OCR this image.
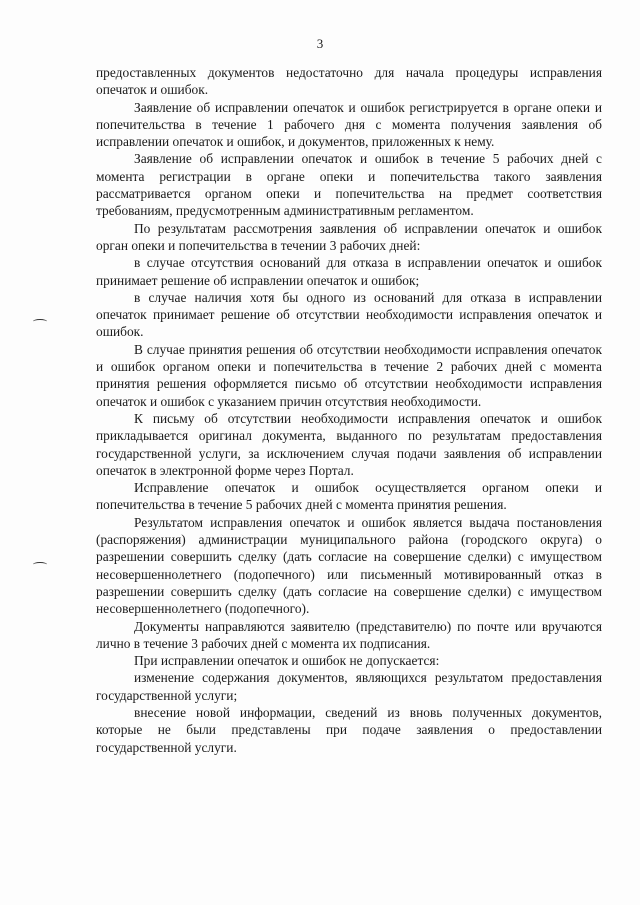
3

предоставленных документов недостаточно для начала процедуры исправления опечаток и ошибок.

Заявление об исправлении опечаток и ошибок регистрируется в органе опеки и попечительства в течение 1 рабочего дня с момента получения заявления об исправлении опечаток и ошибок, и документов, приложенных к нему.

Заявление об исправлении опечаток и ошибок в течение 5 рабочих дней с момента регистрации в органе опеки и попечительства такого заявления рассматривается органом опеки и попечительства на предмет соответствия требованиям, предусмотренным административным регламентом.

По результатам рассмотрения заявления об исправлении опечаток и ошибок орган опеки и попечительства в течении 3 рабочих дней:

в случае отсутствия оснований для отказа в исправлении опечаток и ошибок принимает решение об исправлении опечаток и ошибок;

в случае наличия хотя бы одного из оснований для отказа в исправлении опечаток принимает решение об отсутствии необходимости исправления опечаток и ошибок.

В случае принятия решения об отсутствии необходимости исправления опечаток и ошибок органом опеки и попечительства в течение 2 рабочих дней с момента принятия решения оформляется письмо об отсутствии необходимости исправления опечаток и ошибок с указанием причин отсутствия необходимости.

К письму об отсутствии необходимости исправления опечаток и ошибок прикладывается оригинал документа, выданного по результатам предоставления государственной услуги, за исключением случая подачи заявления об исправлении опечаток в электронной форме через Портал.

Исправление опечаток и ошибок осуществляется органом опеки и попечительства в течение 5 рабочих дней с момента принятия решения.

Результатом исправления опечаток и ошибок является выдача постановления (распоряжения) администрации муниципального района (городского округа) о разрешении совершить сделку (дать согласие на совершение сделки) с имуществом несовершеннолетнего (подопечного) или письменный мотивированный отказ в разрешении совершить сделку (дать согласие на совершение сделки) с имуществом несовершеннолетнего (подопечного).

Документы направляются заявителю (представителю) по почте или вручаются лично в течение 3 рабочих дней с момента их подписания.

При исправлении опечаток и ошибок не допускается:

изменение содержания документов, являющихся результатом предоставления государственной услуги;

внесение новой информации, сведений из вновь полученных документов, которые не были представлены при подаче заявления о предоставлении государственной услуги.
